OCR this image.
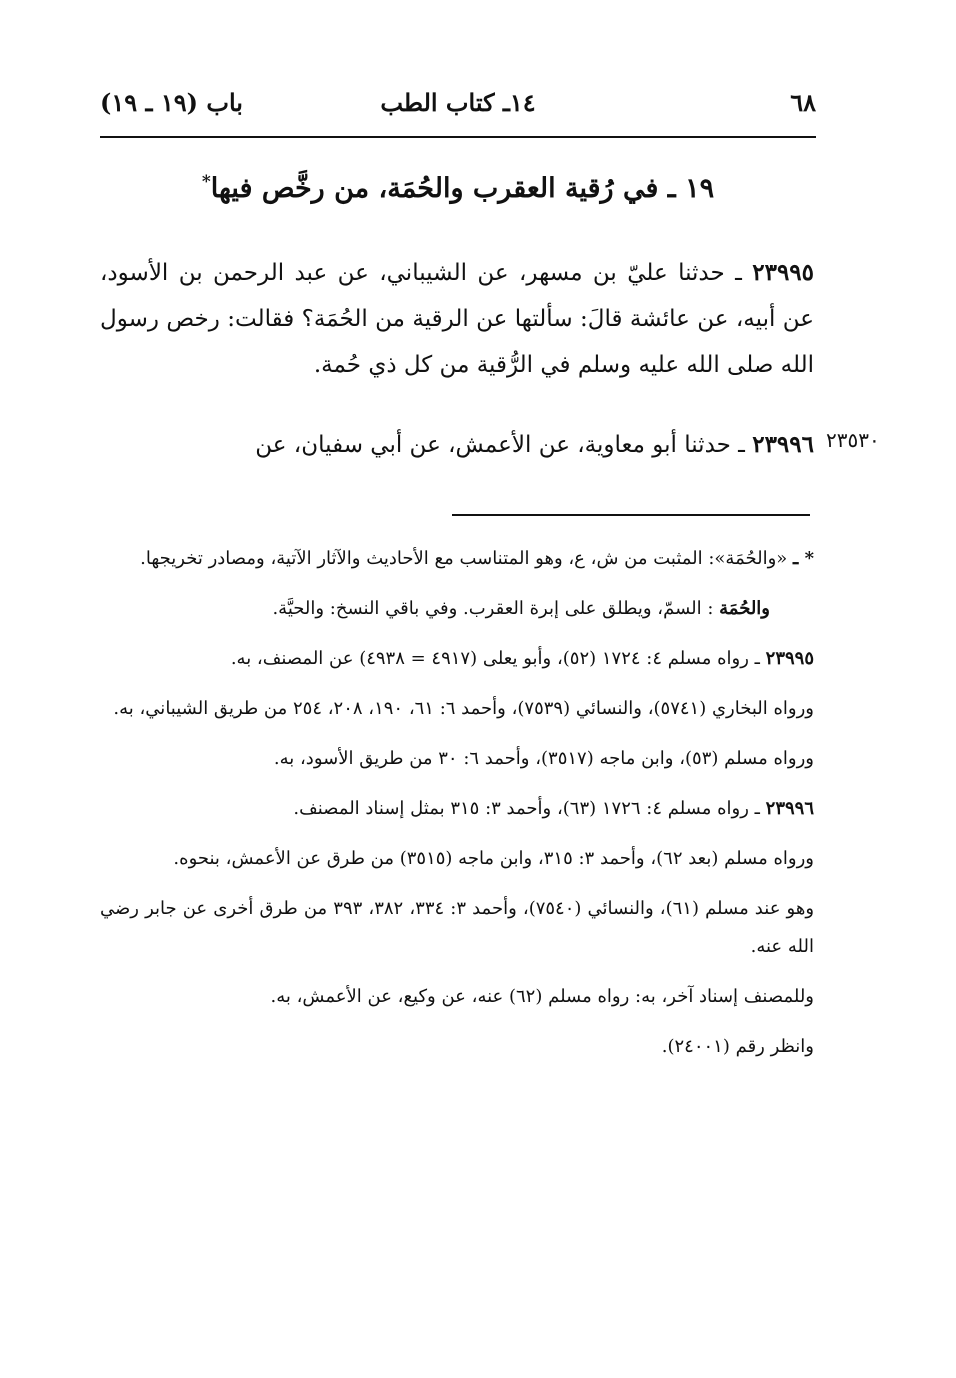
٦٨
١٤ـ كتاب الطب
باب (١٩ ـ ١٩)
١٩ ـ في رُقية العقرب والحُمَة، من رخَّص فيها*
٢٣٩٩٥ ـ حدثنا عليّ بن مسهر، عن الشيباني، عن عبد الرحمن بن الأسود، عن أبيه، عن عائشة قالَ: سألتها عن الرقية من الحُمَة؟ فقالت: رخص رسول الله صلى الله عليه وسلم في الرُّقية من كل ذي حُمة.
٢٣٩٩٦ ـ حدثنا أبو معاوية، عن الأعمش، عن أبي سفيان، عن	٢٣٥٣٠

* ـ «والحُمَة»: المثبت من ش، ع، وهو المتناسب مع الأحاديث والآثار الآتية، ومصادر تخريجها.

والحُمَة : السمّ، ويطلق على إبرة العقرب. وفي باقي النسخ: والحيَّة.

٢٣٩٩٥ ـ رواه مسلم ٤: ١٧٢٤ (٥٢)، وأبو يعلى (٤٩١٧ = ٤٩٣٨) عن المصنف، به.

ورواه البخاري (٥٧٤١)، والنسائي (٧٥٣٩)، وأحمد ٦: ٦١، ١٩٠، ٢٠٨، ٢٥٤ من طريق الشيباني، به.

ورواه مسلم (٥٣)، وابن ماجه (٣٥١٧)، وأحمد ٦: ٣٠ من طريق الأسود، به.

٢٣٩٩٦ ـ رواه مسلم ٤: ١٧٢٦ (٦٣)، وأحمد ٣: ٣١٥ بمثل إسناد المصنف.

ورواه مسلم (بعد ٦٢)، وأحمد ٣: ٣١٥، وابن ماجه (٣٥١٥) من طرق عن الأعمش، بنحوه.

وهو عند مسلم (٦١)، والنسائي (٧٥٤٠)، وأحمد ٣: ٣٣٤، ٣٨٢، ٣٩٣ من طرق أخرى عن جابر رضي الله عنه.

وللمصنف إسناد آخر، به: رواه مسلم (٦٢) عنه، عن وكيع، عن الأعمش، به.

وانظر رقم (٢٤٠٠١).
